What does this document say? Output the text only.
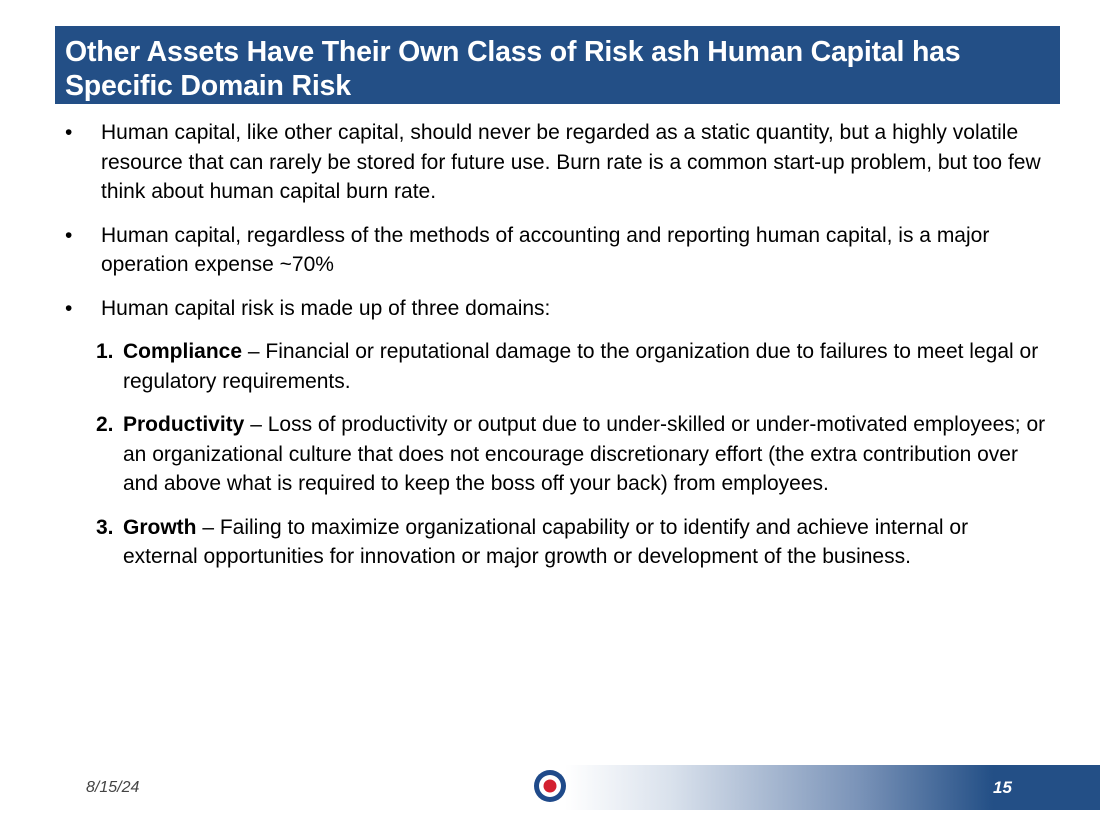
Other Assets Have Their Own Class of Risk ash Human Capital has Specific Domain Risk
•	Human capital, like other capital, should never be regarded as a static quantity, but a highly volatile resource that can rarely be stored for future use. Burn rate is a common start-up problem, but too few think about human capital burn rate.
•	Human capital, regardless of the methods of accounting and reporting human capital, is a major operation expense ~70%
•	Human capital risk is made up of three domains:
1. Compliance – Financial or reputational damage to the organization due to failures to meet legal or regulatory requirements.
2. Productivity – Loss of productivity or output due to under-skilled or under-motivated employees; or an organizational culture that does not encourage discretionary effort (the extra contribution over and above what is required to keep the boss off your back) from employees.
3. Growth – Failing to maximize organizational capability or to identify and achieve internal or external opportunities for innovation or major growth or development of the business.
8/15/24	15
